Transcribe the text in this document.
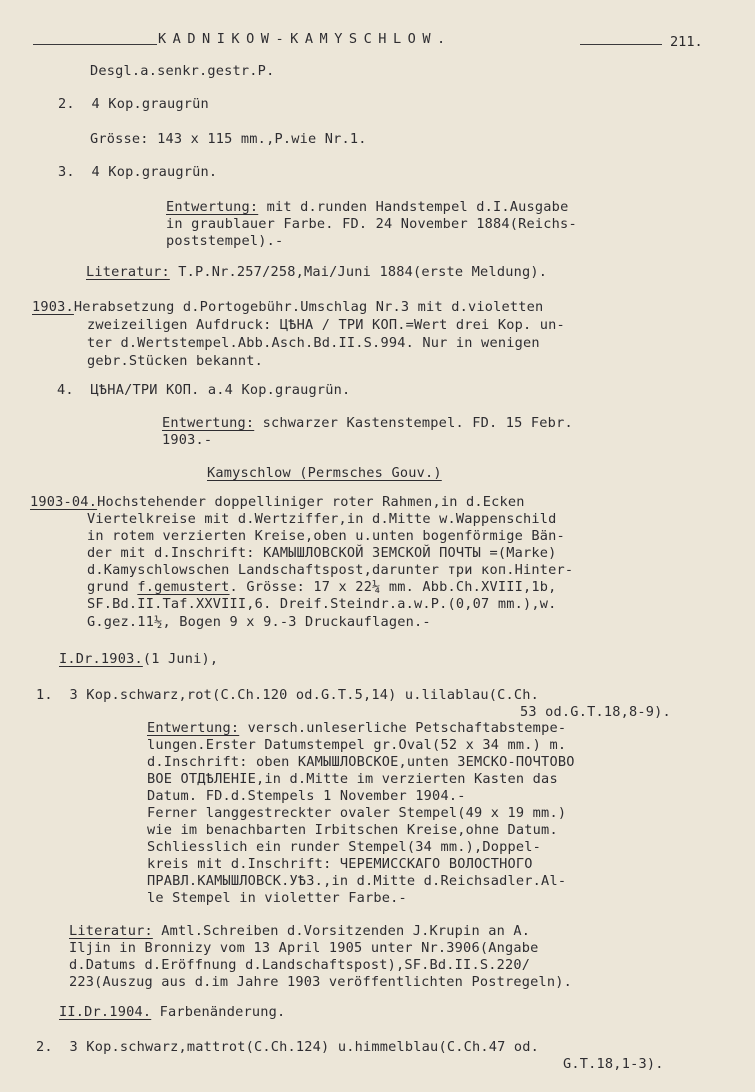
KADNIKOW-KAMYSCHLOW.	211.
Desgl.a.senkr.gestr.P.
2.  4 Kop.graugrün
Grösse: 143 x 115 mm.,P.wie Nr.1.
3.  4 Kop.graugrün.
Entwertung: mit d.runden Handstempel d.I.Ausgabe
in graublauer Farbe. FD. 24 November 1884(Reichs-
poststempel).-
Literatur: T.P.Nr.257/258,Mai/Juni 1884(erste Meldung).
1903.Herabsetzung d.Portogebühr.Umschlag Nr.3 mit d.violetten
zweizeiligen Aufdruck: ЦѢНА / ТРИ КОП.=Wert drei Kop. un-
ter d.Wertstempel.Abb.Asch.Bd.II.S.994. Nur in wenigen
gebr.Stücken bekannt.
4.  ЦѢНА/ТРИ КОП. a.4 Kop.graugrün.
Entwertung: schwarzer Kastenstempel. FD. 15 Febr.
1903.-
Kamyschlow (Permsches Gouv.)
1903-04.Hochstehender doppelliniger roter Rahmen,in d.Ecken
Viertelkreise mit d.Wertziffer,in d.Mitte w.Wappenschild
in rotem verzierten Kreise,oben u.unten bogenförmige Bän-
der mit d.Inschrift: КАМЫШЛОВСКОЙ ЗЕМСКОЙ ПОЧТЫ =(Marke)
d.Kamyschlowschen Landschaftspost,darunter три коп.Hinter-
grund f.gemustert. Grösse: 17 x 22¼ mm. Abb.Ch.XVIII,1b,
SF.Bd.II.Taf.XXVIII,6. Dreif.Steindr.a.w.P.(0,07 mm.),w.
G.gez.11½, Bogen 9 x 9.-3 Druckauflagen.-
I.Dr.1903.(1 Juni),
1.  3 Kop.schwarz,rot(C.Ch.120 od.G.T.5,14) u.lilablau(C.Ch.
53 od.G.T.18,8-9).
Entwertung: versch.unleserliche Petschaftabstempe-
lungen.Erster Datumstempel gr.Oval(52 x 34 mm.) m.
d.Inschrift: oben КАМЫШЛОВСКОЕ,unten ЗЕМСКО-ПОЧТОВО
ВОЕ ОТДѢЛЕНІЕ,in d.Mitte im verzierten Kasten das
Datum. FD.d.Stempels 1 November 1904.-
Ferner langgestreckter ovaler Stempel(49 x 19 mm.)
wie im benachbarten Irbitschen Kreise,ohne Datum.
Schliesslich ein runder Stempel(34 mm.),Doppel-
kreis mit d.Inschrift: ЧЕРЕМИССКАГО ВОЛОСТНОГО
ПРАВЛ.КАМЫШЛОВСК.УѢЗ.,in d.Mitte d.Reichsadler.Al-
le Stempel in violetter Farbe.-
Literatur: Amtl.Schreiben d.Vorsitzenden J.Krupin an A.
Iljin in Bronnizy vom 13 April 1905 unter Nr.3906(Angabe
d.Datums d.Eröffnung d.Landschaftspost),SF.Bd.II.S.220/
223(Auszug aus d.im Jahre 1903 veröffentlichten Postregeln).
II.Dr.1904. Farbenänderung.
2.  3 Kop.schwarz,mattrot(C.Ch.124) u.himmelblau(C.Ch.47 od.
G.T.18,1-3).
